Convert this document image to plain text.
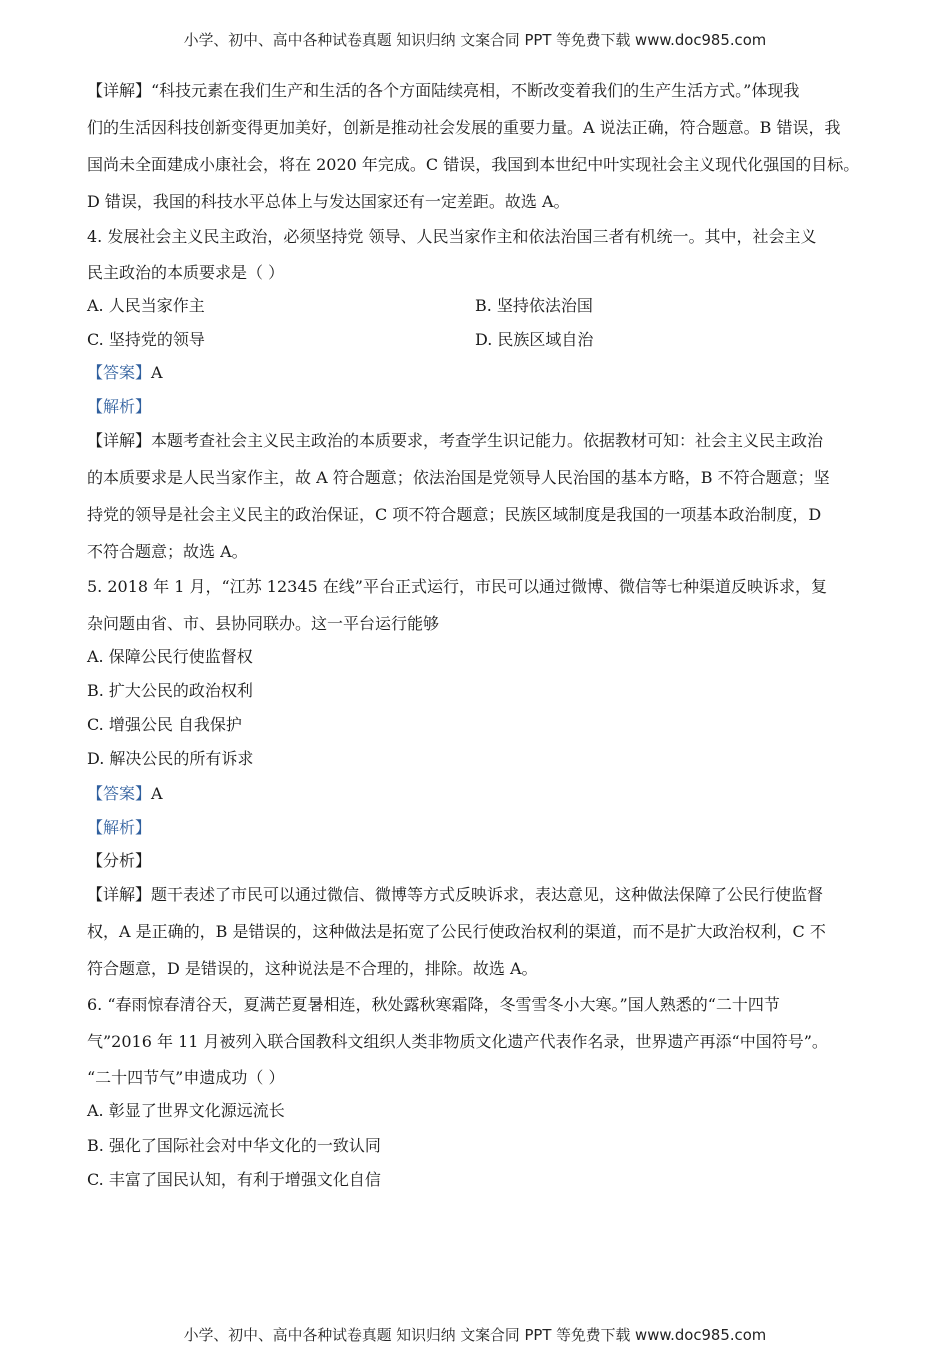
小学、初中、高中各种试卷真题 知识归纳 文案合同 PPT 等免费下载 www.doc985.com
【详解】“科技元素在我们生产和生活的各个方面陆续亮相，不断改变着我们的生产生活方式。”体现我
们的生活因科技创新变得更加美好，创新是推动社会发展的重要力量。A 说法正确，符合题意。B 错误，我
国尚未全面建成小康社会，将在 2020 年完成。C 错误，我国到本世纪中叶实现社会主义现代化强国的目标。
D 错误，我国的科技水平总体上与发达国家还有一定差距。故选 A。
4. 发展社会主义民主政治，必须坚持党 领导、人民当家作主和依法治国三者有机统一。其中，社会主义
民主政治的本质要求是（ ）
A. 人民当家作主	B. 坚持依法治国
C. 坚持党的领导	D. 民族区域自治
【答案】A
【解析】
【详解】本题考查社会主义民主政治的本质要求，考查学生识记能力。依据教材可知：社会主义民主政治
的本质要求是人民当家作主，故 A 符合题意；依法治国是党领导人民治国的基本方略，B 不符合题意；坚
持党的领导是社会主义民主的政治保证，C 项不符合题意；民族区域制度是我国的一项基本政治制度，D
不符合题意；故选 A。
5. 2018 年 1 月，“江苏 12345 在线”平台正式运行，市民可以通过微博、微信等七种渠道反映诉求，复
杂问题由省、市、县协同联办。这一平台运行能够
A. 保障公民行使监督权
B. 扩大公民的政治权利
C. 增强公民 自我保护
D. 解决公民的所有诉求
【答案】A
【解析】
【分析】
【详解】题干表述了市民可以通过微信、微博等方式反映诉求，表达意见，这种做法保障了公民行使监督
权，A 是正确的，B 是错误的，这种做法是拓宽了公民行使政治权利的渠道，而不是扩大政治权利，C 不
符合题意，D 是错误的，这种说法是不合理的，排除。故选 A。
6. “春雨惊春清谷天，夏满芒夏暑相连，秋处露秋寒霜降，冬雪雪冬小大寒。”国人熟悉的“二十四节
气”2016 年 11 月被列入联合国教科文组织人类非物质文化遗产代表作名录，世界遗产再添“中国符号”。
“二十四节气”申遗成功（ ）
A. 彰显了世界文化源远流长
B. 强化了国际社会对中华文化的一致认同
C. 丰富了国民认知，有利于增强文化自信
小学、初中、高中各种试卷真题 知识归纳 文案合同 PPT 等免费下载 www.doc985.com
